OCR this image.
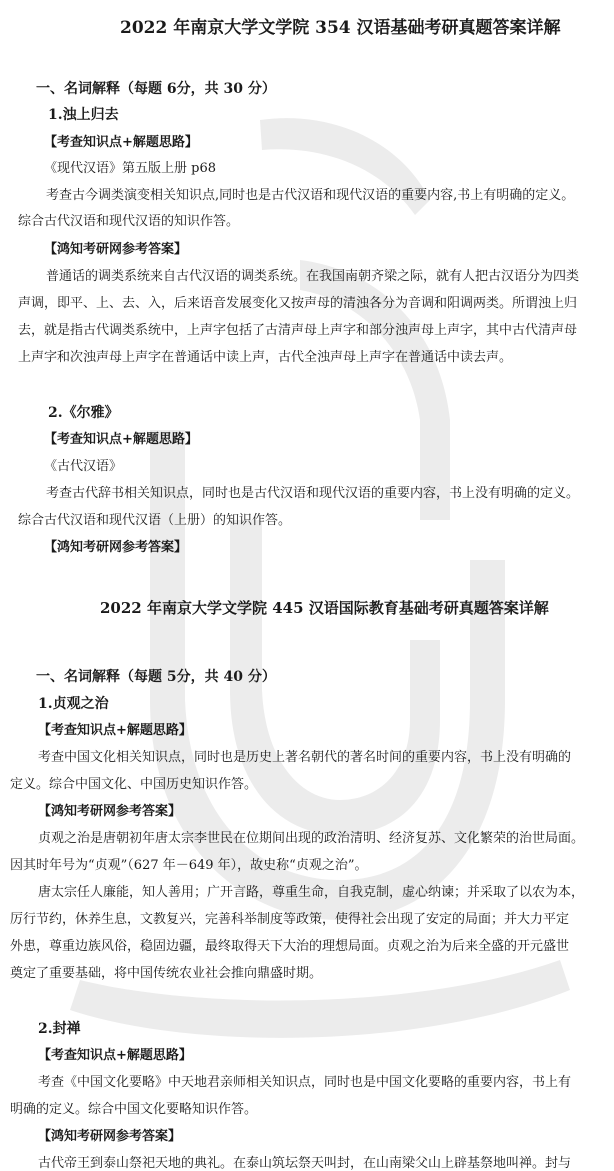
2022 年南京大学文学院 354 汉语基础考研真题答案详解
一、名词解释（每题 6分，共 30 分）
1.浊上归去
【考查知识点+解题思路】
《现代汉语》第五版上册 p68
考查古今调类演变相关知识点,同时也是古代汉语和现代汉语的重要内容,书上有明确的定义。
综合古代汉语和现代汉语的知识作答。
【鸿知考研网参考答案】
普通话的调类系统来自古代汉语的调类系统。在我国南朝齐梁之际，就有人把古汉语分为四类
声调，即平、上、去、入，后来语音发展变化又按声母的清浊各分为音调和阳调两类。所谓浊上归
去，就是指古代调类系统中，上声字包括了古清声母上声字和部分浊声母上声字，其中古代清声母
上声字和次浊声母上声字在普通话中读上声，古代全浊声母上声字在普通话中读去声。
2.《尔雅》
【考查知识点+解题思路】
《古代汉语》
考查古代辞书相关知识点，同时也是古代汉语和现代汉语的重要内容，书上没有明确的定义。
综合古代汉语和现代汉语（上册）的知识作答。
【鸿知考研网参考答案】
2022 年南京大学文学院 445 汉语国际教育基础考研真题答案详解
一、名词解释（每题 5分，共 40 分）
1.贞观之治
【考查知识点+解题思路】
考查中国文化相关知识点，同时也是历史上著名朝代的著名时间的重要内容，书上没有明确的
定义。综合中国文化、中国历史知识作答。
【鸿知考研网参考答案】
贞观之治是唐朝初年唐太宗李世民在位期间出现的政治清明、经济复苏、文化繁荣的治世局面。
因其时年号为“贞观”（627 年－649 年），故史称“贞观之治”。
唐太宗任人廉能，知人善用；广开言路，尊重生命，自我克制，虚心纳谏；并采取了以农为本，
厉行节约，休养生息，文教复兴，完善科举制度等政策，使得社会出现了安定的局面；并大力平定
外患，尊重边族风俗，稳固边疆，最终取得天下大治的理想局面。贞观之治为后来全盛的开元盛世
奠定了重要基础，将中国传统农业社会推向鼎盛时期。
2.封禅
【考查知识点+解题思路】
考查《中国文化要略》中天地君亲师相关知识点，同时也是中国文化要略的重要内容，书上有
明确的定义。综合中国文化要略知识作答。
【鸿知考研网参考答案】
古代帝王到泰山祭祀天地的典礼。在泰山筑坛祭天叫封，在山南梁父山上辟基祭地叫禅。封与
